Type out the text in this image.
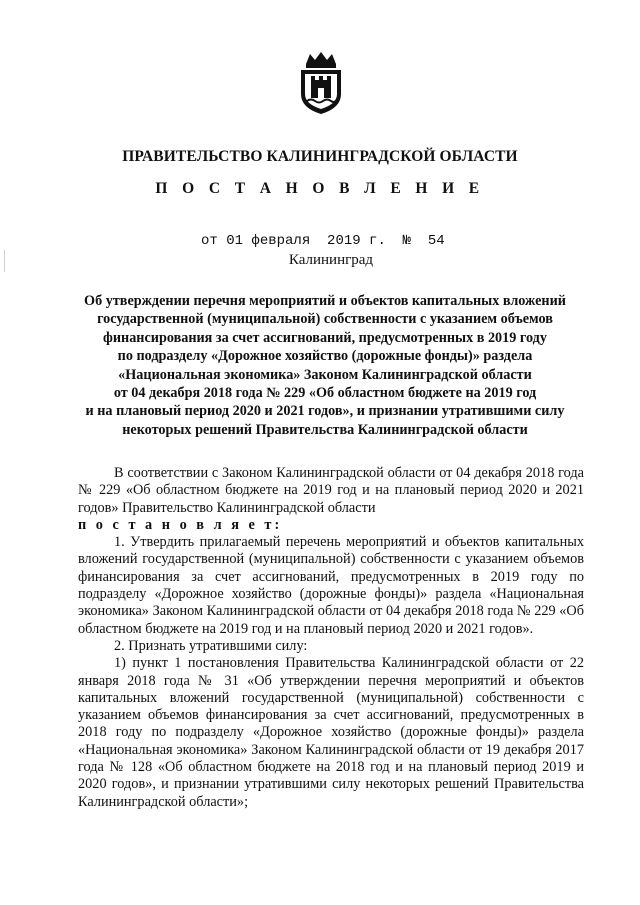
ПРАВИТЕЛЬСТВО КАЛИНИНГРАДСКОЙ ОБЛАСТИ
П О С Т А Н О В Л Е Н И Е
от 01 февраля 2019 г. № 54
Калининград
Об утверждении перечня мероприятий и объектов капитальных вложений
государственной (муниципальной) собственности с указанием объемов
финансирования за счет ассигнований, предусмотренных в 2019 году
по подразделу «Дорожное хозяйство (дорожные фонды)» раздела
«Национальная экономика» Законом Калининградской области
от 04 декабря 2018 года № 229 «Об областном бюджете на 2019 год
и на плановый период 2020 и 2021 годов», и признании утратившими силу
некоторых решений Правительства Калининградской области

В соответствии с Законом Калининградской области от 04 декабря 2018 года № 229 «Об областном бюджете на 2019 год и на плановый период 2020 и 2021 годов» Правительство Калининградской области

п о с т а н о в л я е т:

1. Утвердить прилагаемый перечень мероприятий и объектов капитальных вложений государственной (муниципальной) собственности с указанием объемов финансирования за счет ассигнований, предусмотренных в 2019 году по подразделу «Дорожное хозяйство (дорожные фонды)» раздела «Национальная экономика» Законом Калининградской области от 04 декабря 2018 года № 229 «Об областном бюджете на 2019 год и на плановый период 2020 и 2021 годов».

2. Признать утратившими силу:

1) пункт 1 постановления Правительства Калининградской области от 22 января 2018 года № 31 «Об утверждении перечня мероприятий и объектов капитальных вложений государственной (муниципальной) собственности с указанием объемов финансирования за счет ассигнований, предусмотренных в 2018 году по подразделу «Дорожное хозяйство (дорожные фонды)» раздела «Национальная экономика» Законом Калининградской области от 19 декабря 2017 года № 128 «Об областном бюджете на 2018 год и на плановый период 2019 и 2020 годов», и признании утратившими силу некоторых решений Правительства Калининградской области»;
